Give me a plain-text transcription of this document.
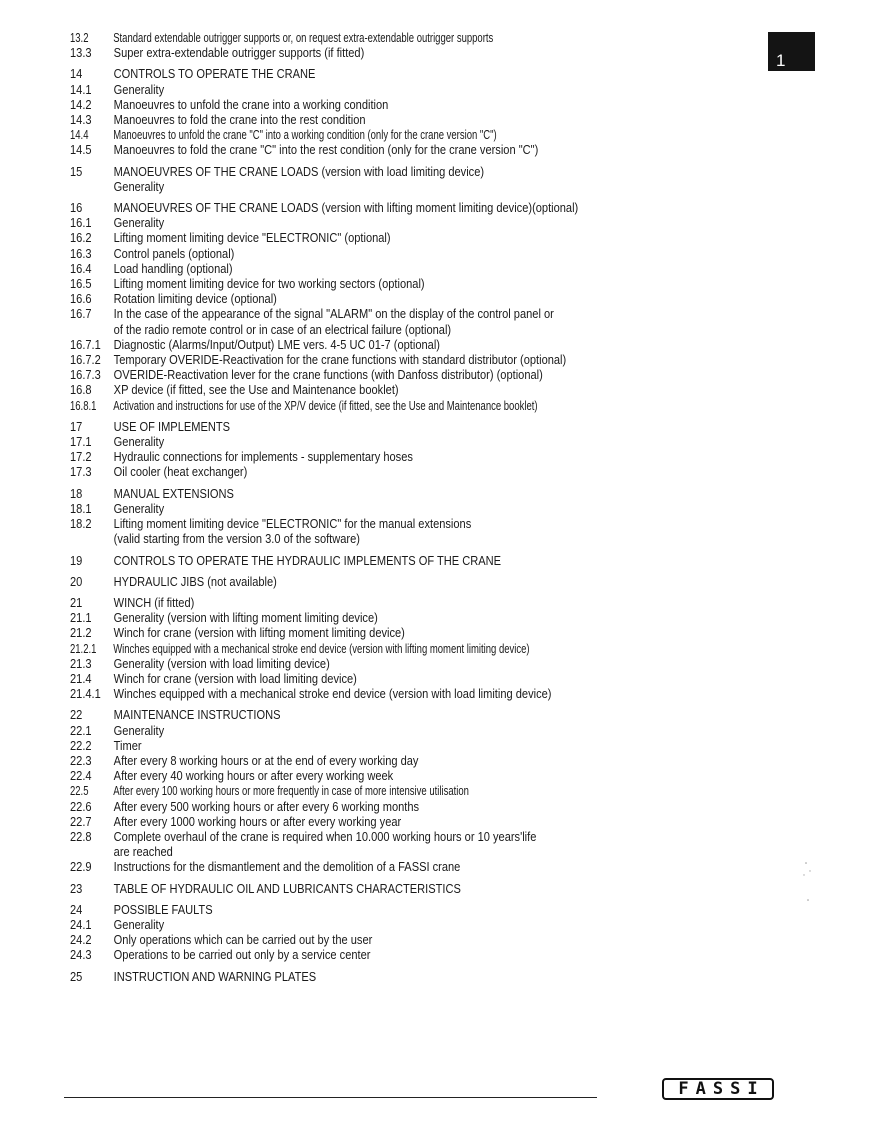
13.2	Standard extendable outrigger supports or, on request extra-extendable outrigger supports
13.3	Super extra-extendable outrigger supports (if fitted)
14	CONTROLS TO OPERATE THE CRANE
14.1	Generality
14.2	Manoeuvres to unfold the crane into a working condition
14.3	Manoeuvres to fold the crane into the rest condition
14.4	Manoeuvres to unfold the crane "C" into a working condition (only for the crane version "C")
14.5	Manoeuvres to fold the crane "C" into the rest condition (only for the crane version "C")
15	MANOEUVRES OF THE CRANE LOADS (version with load limiting device)
Generality
16	MANOEUVRES OF THE CRANE LOADS (version with lifting moment limiting device)(optional)
16.1	Generality
16.2	Lifting moment limiting device "ELECTRONIC" (optional)
16.3	Control panels (optional)
16.4	Load handling (optional)
16.5	Lifting moment limiting device for two working sectors (optional)
16.6	Rotation limiting device (optional)
16.7	In the case of the appearance of the signal "ALARM" on the display of the control panel or
of the radio remote control or in case of an electrical failure (optional)
16.7.1 Diagnostic (Alarms/Input/Output) LME vers. 4-5 UC 01-7 (optional)
16.7.2 Temporary OVERIDE-Reactivation for the crane functions with standard distributor (optional)
16.7.3 OVERIDE-Reactivation lever for the crane functions (with Danfoss distributor) (optional)
16.8	XP device (if fitted, see the Use and Maintenance booklet)
16.8.1	Activation and instructions for use of the XP/V device (if fitted, see the Use and Maintenance booklet)
17	USE OF IMPLEMENTS
17.1	Generality
17.2	Hydraulic connections for implements - supplementary hoses
17.3	Oil cooler (heat exchanger)
18	MANUAL EXTENSIONS
18.1	Generality
18.2	Lifting moment limiting device "ELECTRONIC" for the manual extensions
(valid starting from the version 3.0 of the software)
19	CONTROLS TO OPERATE THE HYDRAULIC IMPLEMENTS OF THE CRANE
20	HYDRAULIC JIBS (not available)
21	WINCH (if fitted)
21.1	Generality (version with lifting moment limiting device)
21.2	Winch for crane (version with lifting moment limiting device)
21.2.1	Winches equipped with a mechanical stroke end device (version with lifting moment limiting device)
21.3	Generality (version with load limiting device)
21.4	Winch for crane (version with load limiting device)
21.4.1 Winches equipped with a mechanical stroke end device (version with load limiting device)
22	MAINTENANCE INSTRUCTIONS
22.1	Generality
22.2	Timer
22.3	After every 8 working hours or at the end of every working day
22.4	After every 40 working hours or after every working week
22.5	After every 100 working hours or more frequently in case of more intensive utilisation
22.6	After every 500 working hours or after every 6 working months
22.7	After every 1000 working hours or after every working year
22.8	Complete overhaul of the crane is required when 10.000 working hours or 10 years'life
are reached
22.9	Instructions for the dismantlement and the demolition of a FASSI crane
23	TABLE OF HYDRAULIC OIL AND LUBRICANTS CHARACTERISTICS
24	POSSIBLE FAULTS
24.1	Generality
24.2	Only operations which can be carried out by the user
24.3	Operations to be carried out only by a service center
25	INSTRUCTION AND WARNING PLATES
1
FASSI
